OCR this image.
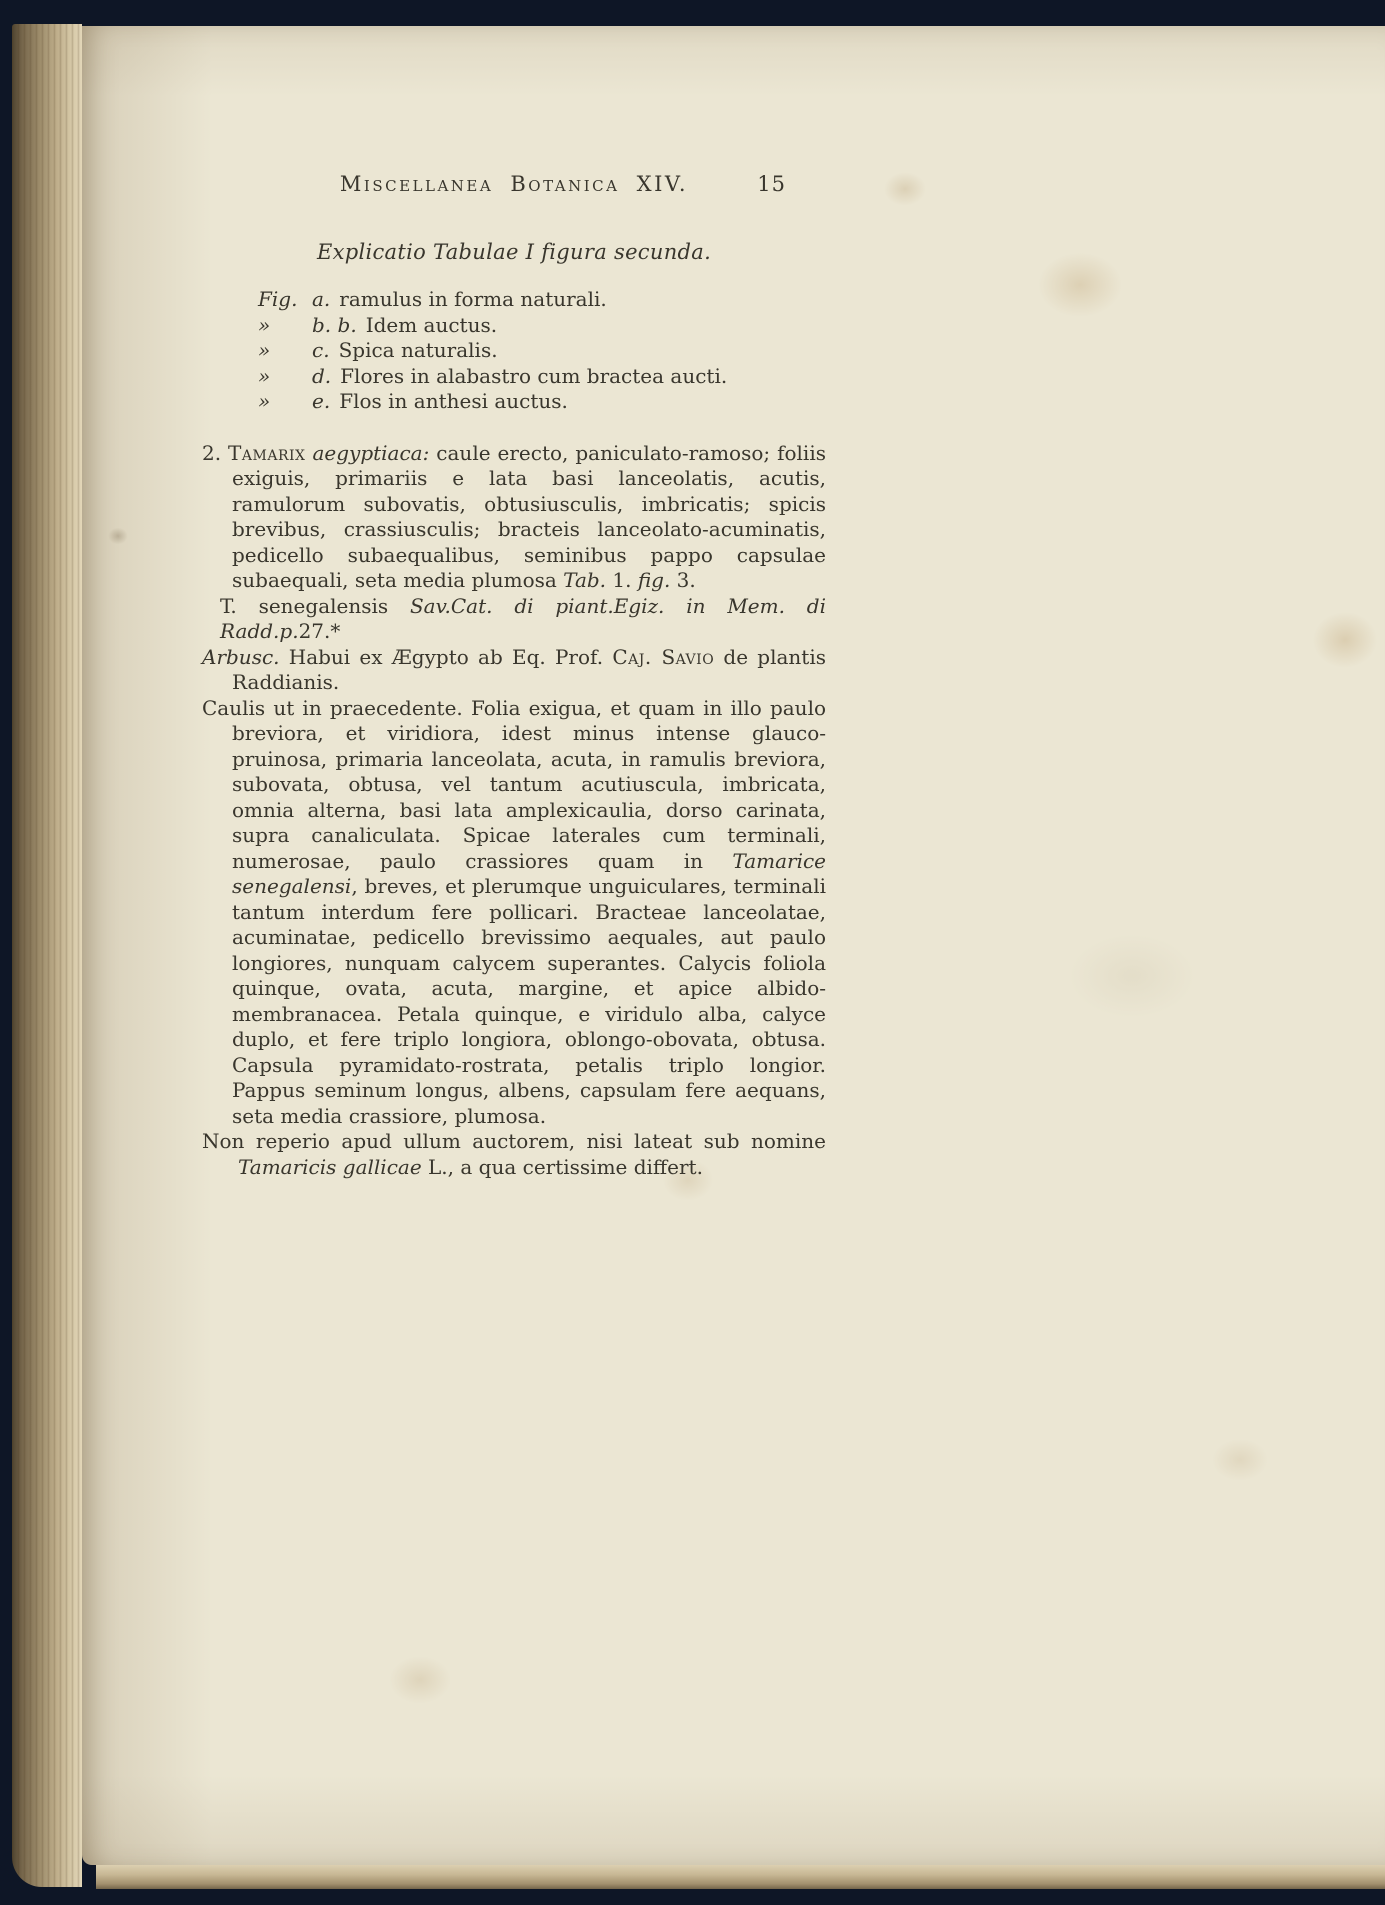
Miscellanea Botanica XIV.	15
Explicatio Tabulae I figura secunda.
Fig. a. ramulus in forma naturali.
» b. b. Idem auctus.
» c. Spica naturalis.
» d. Flores in alabastro cum bractea aucti.
» e. Flos in anthesi auctus.

2. Tamarix aegyptiaca: caule erecto, paniculato-ramoso; foliis exiguis, primariis e lata basi lanceolatis, acutis, ramulorum subovatis, obtusiusculis, imbricatis; spicis brevibus, crassiusculis; bracteis lanceolato-acuminatis, pedicello subaequalibus, seminibus pappo capsulae subaequali, seta media plumosa Tab. 1. fig. 3.

T. senegalensis Sav.Cat. di piant.Egiz. in Mem. di Radd.p.27.*

Arbusc. Habui ex Ægypto ab Eq. Prof. Caj. Savio de plantis Raddianis.

Caulis ut in praecedente. Folia exigua, et quam in illo paulo breviora, et viridiora, idest minus intense glauco-pruinosa, primaria lanceolata, acuta, in ramulis breviora, subovata, obtusa, vel tantum acutiuscula, imbricata, omnia alterna, basi lata amplexicaulia, dorso carinata, supra canaliculata. Spicae laterales cum terminali, numerosae, paulo crassiores quam in Tamarice senegalensi, breves, et plerumque unguiculares, terminali tantum interdum fere pollicari. Bracteae lanceolatae, acuminatae, pedicello brevissimo aequales, aut paulo longiores, nunquam calycem superantes. Calycis foliola quinque, ovata, acuta, margine, et apice albido-membranacea. Petala quinque, e viridulo alba, calyce duplo, et fere triplo longiora, oblongo-obovata, obtusa. Capsula pyramidato-rostrata, petalis triplo longior. Pappus seminum longus, albens, capsulam fere aequans, seta media crassiore, plumosa.

Non reperio apud ullum auctorem, nisi lateat sub nomine Tamaricis gallicae L., a qua certissime differt.
